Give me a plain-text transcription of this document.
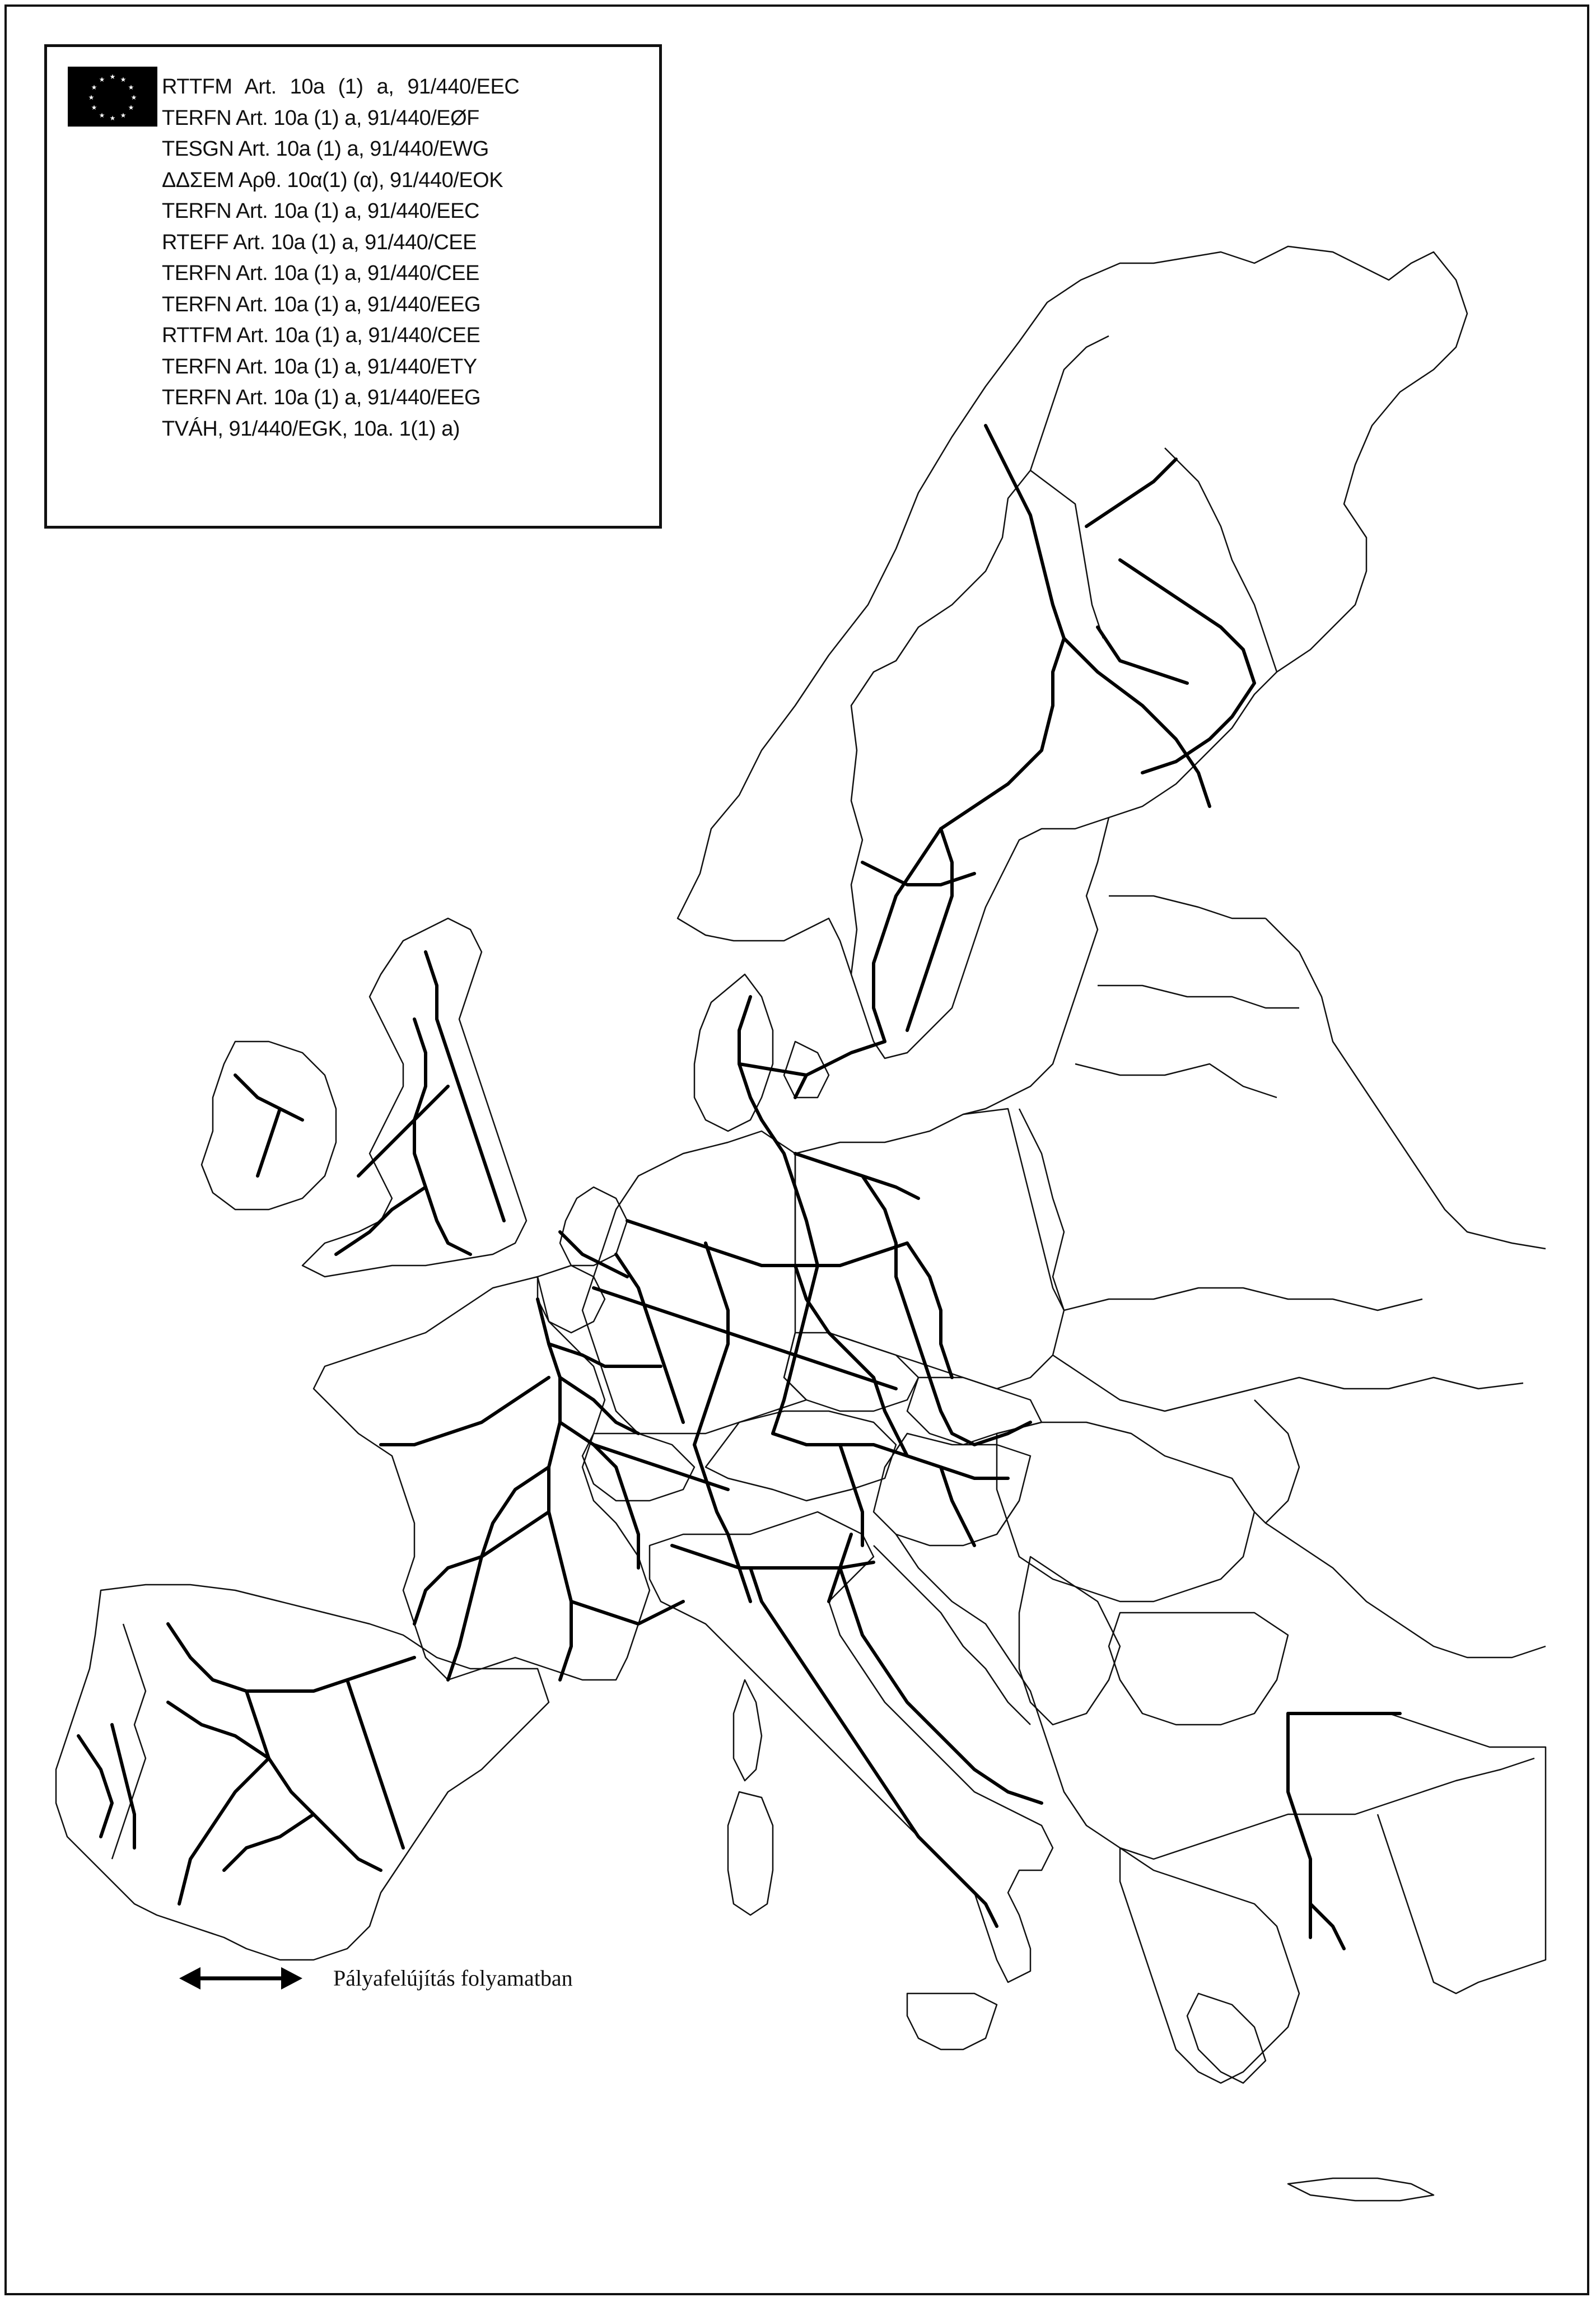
★ ★
★
★
★
★
★
★
★
★
★
★	RTTFM Art. 10a (1) a, 91/440/EEC
TERFN Art. 10a (1) a, 91/440/EØF
TESGN Art. 10a (1) a, 91/440/EWG
ΔΔΣΕΜ Αρθ. 10α(1) (α), 91/440/EOK
TERFN Art. 10a (1) a, 91/440/EEC
RTEFF Art. 10a (1) a, 91/440/CEE
TERFN Art. 10a (1) a, 91/440/CEE
TERFN Art. 10a (1) a, 91/440/EEG
RTTFM Art. 10a (1) a, 91/440/CEE
TERFN Art. 10a (1) a, 91/440/ETY
TERFN Art. 10a (1) a, 91/440/EEG
TVÁH, 91/440/EGK, 10a. 1(1) a)
Pályafelújítás folyamatban
